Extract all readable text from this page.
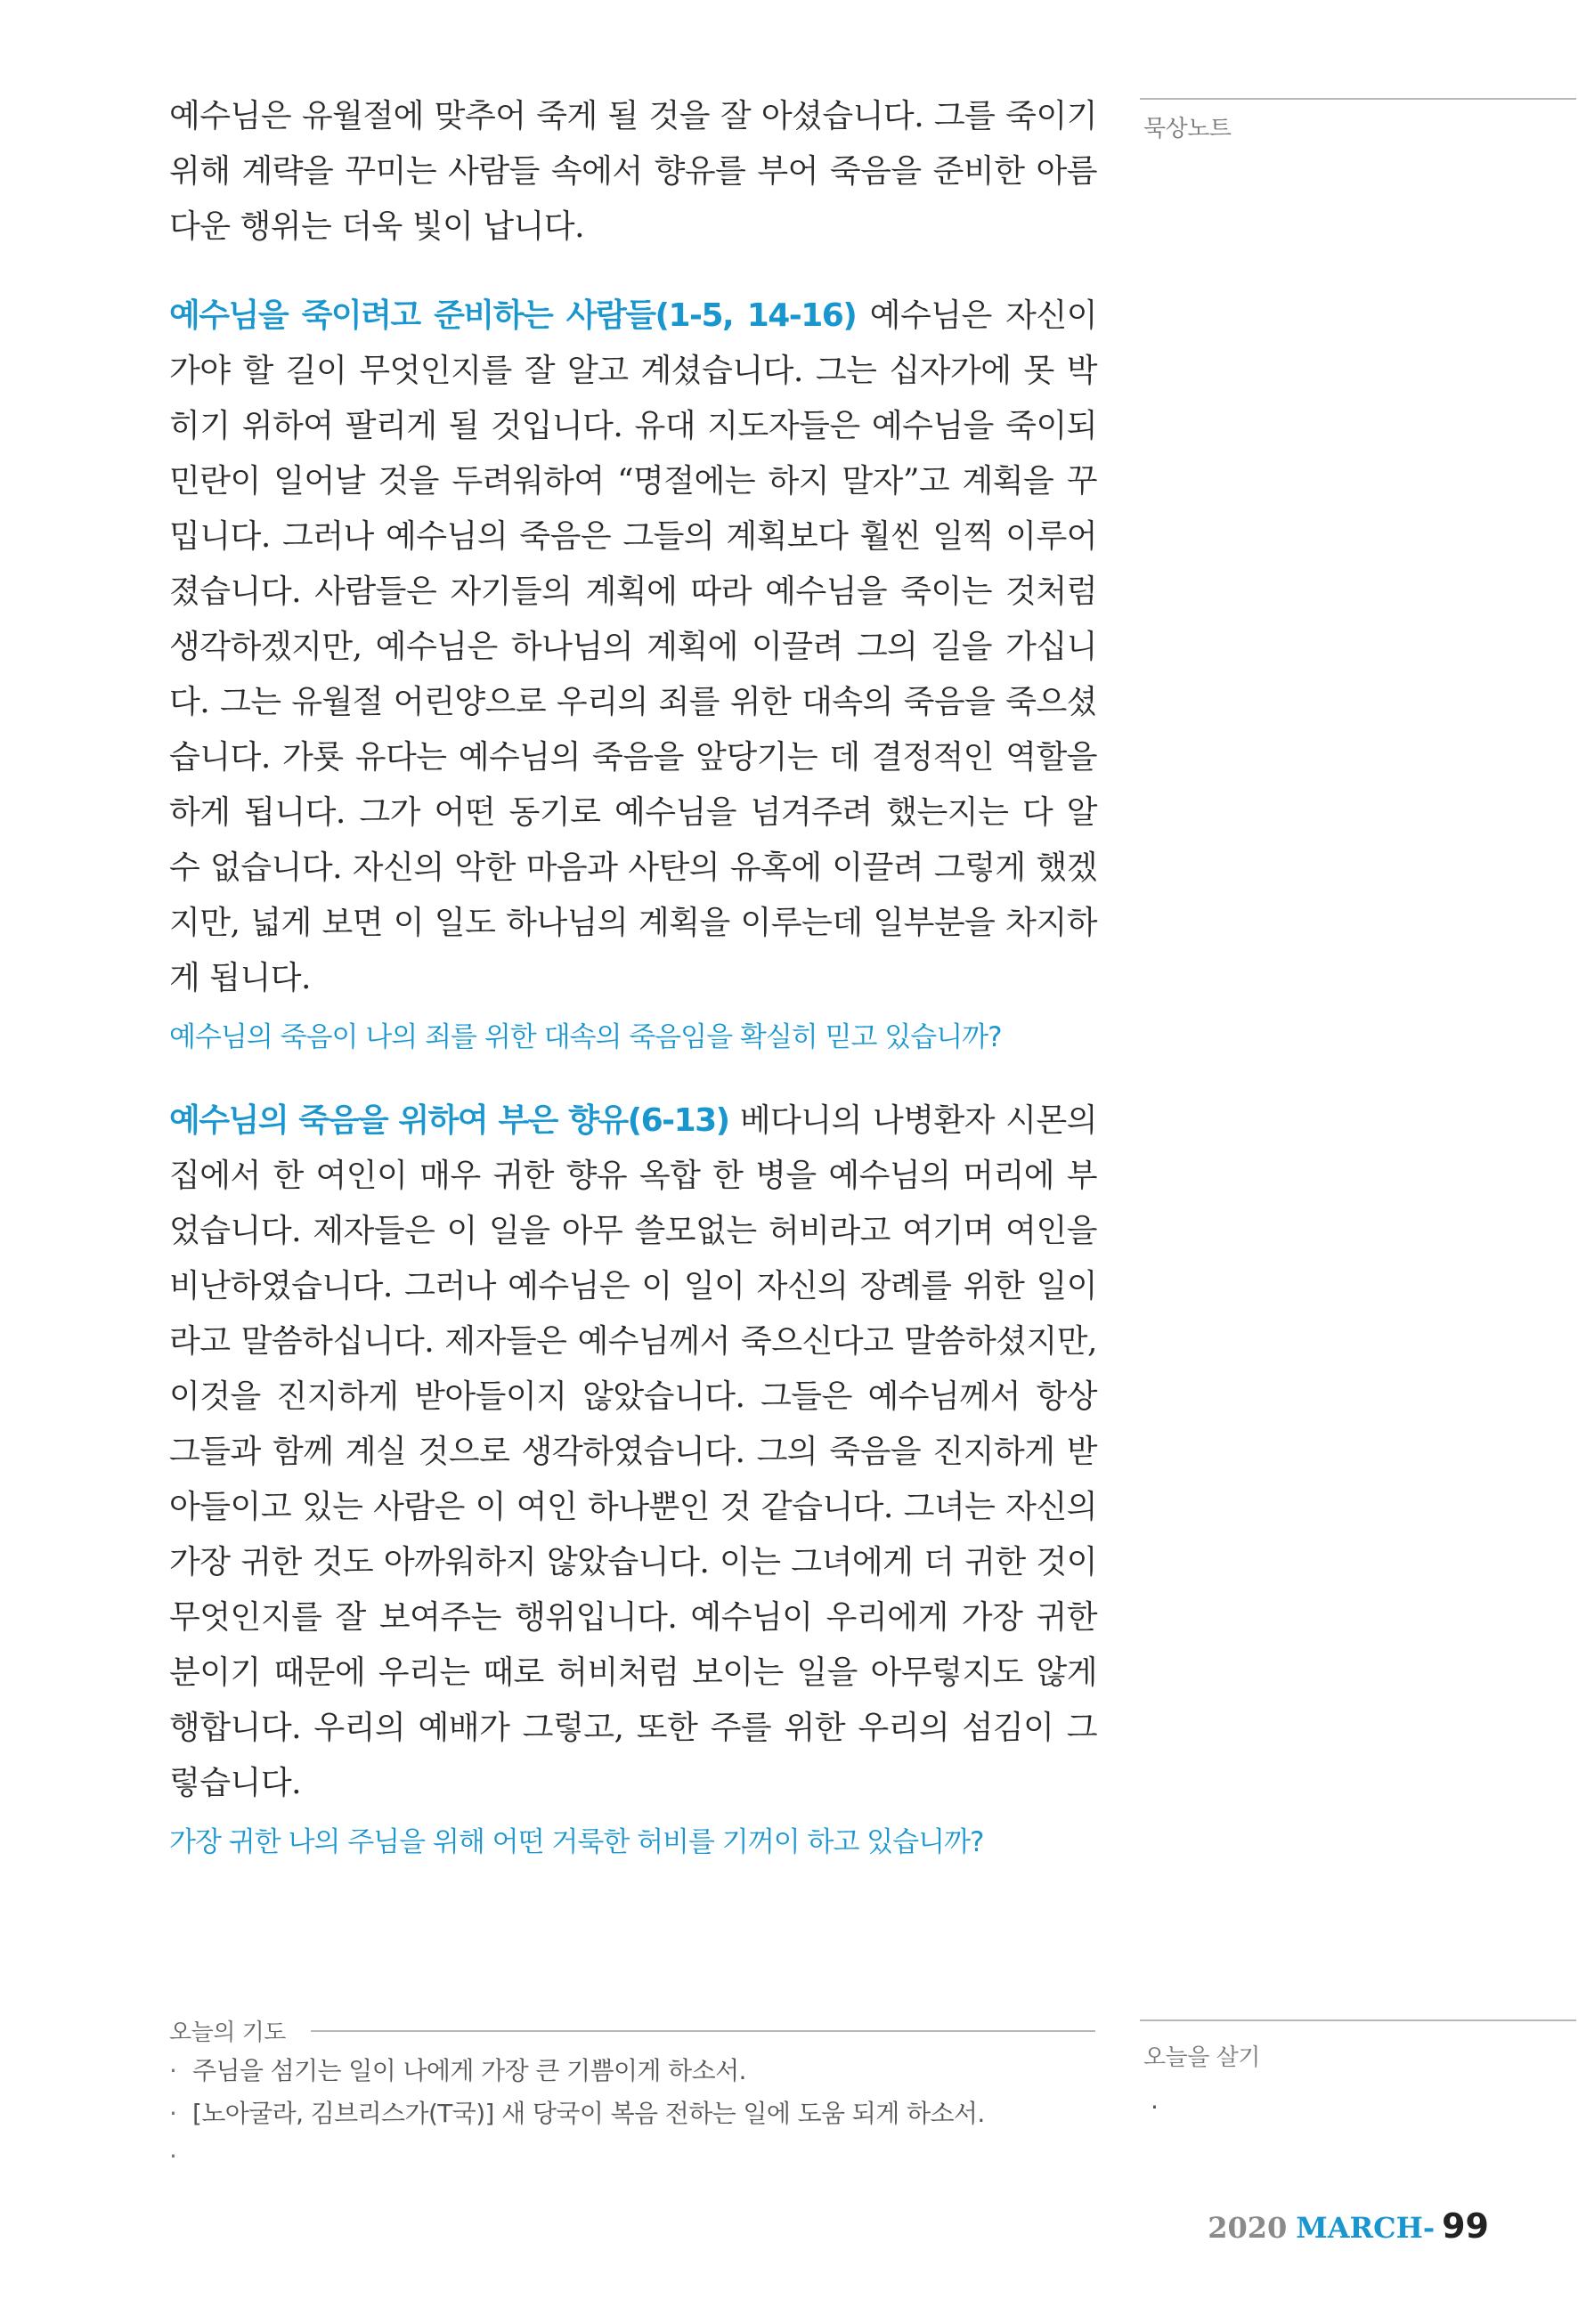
예수님은 유월절에 맞추어 죽게 될 것을 잘 아셨습니다. 그를 죽이기 위해 계략을 꾸미는 사람들 속에서 향유를 부어 죽음을 준비한 아름다운 행위는 더욱 빛이 납니다.

예수님을 죽이려고 준비하는 사람들(1-5, 14-16) 예수님은 자신이 가야 할 길이 무엇인지를 잘 알고 계셨습니다. 그는 십자가에 못 박히기 위하여 팔리게 될 것입니다. 유대 지도자들은 예수님을 죽이되 민란이 일어날 것을 두려워하여 “명절에는 하지 말자”고 계획을 꾸밉니다. 그러나 예수님의 죽음은 그들의 계획보다 훨씬 일찍 이루어졌습니다. 사람들은 자기들의 계획에 따라 예수님을 죽이는 것처럼 생각하겠지만, 예수님은 하나님의 계획에 이끌려 그의 길을 가십니다. 그는 유월절 어린양으로 우리의 죄를 위한 대속의 죽음을 죽으셨습니다. 가룟 유다는 예수님의 죽음을 앞당기는 데 결정적인 역할을 하게 됩니다. 그가 어떤 동기로 예수님을 넘겨주려 했는지는 다 알 수 없습니다. 자신의 악한 마음과 사탄의 유혹에 이끌려 그렇게 했겠지만, 넓게 보면 이 일도 하나님의 계획을 이루는데 일부분을 차지하게 됩니다.

예수님의 죽음이 나의 죄를 위한 대속의 죽음임을 확실히 믿고 있습니까?

예수님의 죽음을 위하여 부은 향유(6-13) 베다니의 나병환자 시몬의 집에서 한 여인이 매우 귀한 향유 옥합 한 병을 예수님의 머리에 부었습니다. 제자들은 이 일을 아무 쓸모없는 허비라고 여기며 여인을 비난하였습니다. 그러나 예수님은 이 일이 자신의 장례를 위한 일이라고 말씀하십니다. 제자들은 예수님께서 죽으신다고 말씀하셨지만, 이것을 진지하게 받아들이지 않았습니다. 그들은 예수님께서 항상 그들과 함께 계실 것으로 생각하였습니다. 그의 죽음을 진지하게 받아들이고 있는 사람은 이 여인 하나뿐인 것 같습니다. 그녀는 자신의 가장 귀한 것도 아까워하지 않았습니다. 이는 그녀에게 더 귀한 것이 무엇인지를 잘 보여주는 행위입니다. 예수님이 우리에게 가장 귀한 분이기 때문에 우리는 때로 허비처럼 보이는 일을 아무렇지도 않게 행합니다. 우리의 예배가 그렇고, 또한 주를 위한 우리의 섬김이 그렇습니다.

가장 귀한 나의 주님을 위해 어떤 거룩한 허비를 기꺼이 하고 있습니까?

묵상노트
오늘의 기도
· 주님을 섬기는 일이 나에게 가장 큰 기쁨이게 하소서.
· [노아굴라, 김브리스가(T국)] 새 당국이 복음 전하는 일에 도움 되게 하소서.
·
오늘을 살기
·
2020 MARCH - 99
